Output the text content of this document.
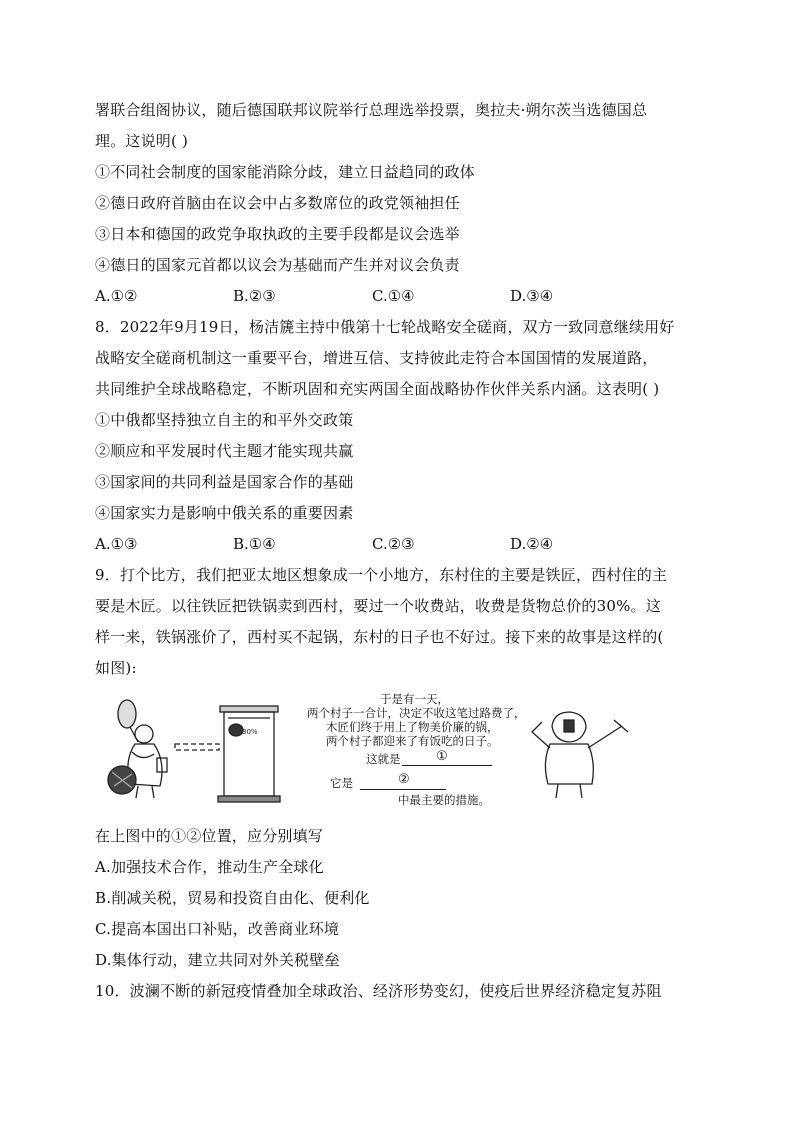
署联合组阁协议，随后德国联邦议院举行总理选举投票，奥拉夫·朔尔茨当选德国总
理。这说明( )
①不同社会制度的国家能消除分歧，建立日益趋同的政体
②德日政府首脑由在议会中占多数席位的政党领袖担任
③日本和德国的政党争取执政的主要手段都是议会选举
④德日的国家元首都以议会为基础而产生并对议会负责
A.①②	B.②③	C.①④	D.③④
8．2022年9月19日，杨洁篪主持中俄第十七轮战略安全磋商，双方一致同意继续用好
战略安全磋商机制这一重要平台，增进互信、支持彼此走符合本国国情的发展道路，
共同维护全球战略稳定，不断巩固和充实两国全面战略协作伙伴关系内涵。这表明( )
①中俄都坚持独立自主的和平外交政策
②顺应和平发展时代主题才能实现共赢
③国家间的共同利益是国家合作的基础
④国家实力是影响中俄关系的重要因素
A.①③	B.①④	C.②③	D.②④
9．打个比方，我们把亚太地区想象成一个小地方，东村住的主要是铁匠，西村住的主
要是木匠。以往铁匠把铁锅卖到西村，要过一个收费站，收费是货物总价的30%。这
样一来，铁锅涨价了，西村买不起锅，东村的日子也不好过。接下来的故事是这样的(
如图):
30%
于是有一天，
两个村子一合计，决定不收这笔过路费了，
木匠们终于用上了物美价廉的锅，
两个村子都迎来了有饭吃的日子。
这就是	①
它是	②
中最主要的措施。
在上图中的①②位置，应分别填写
A.加强技术合作，推动生产全球化
B.削减关税，贸易和投资自由化、便利化
C.提高本国出口补贴，改善商业环境
D.集体行动，建立共同对外关税壁垒
10．波澜不断的新冠疫情叠加全球政治、经济形势变幻，使疫后世界经济稳定复苏阻
